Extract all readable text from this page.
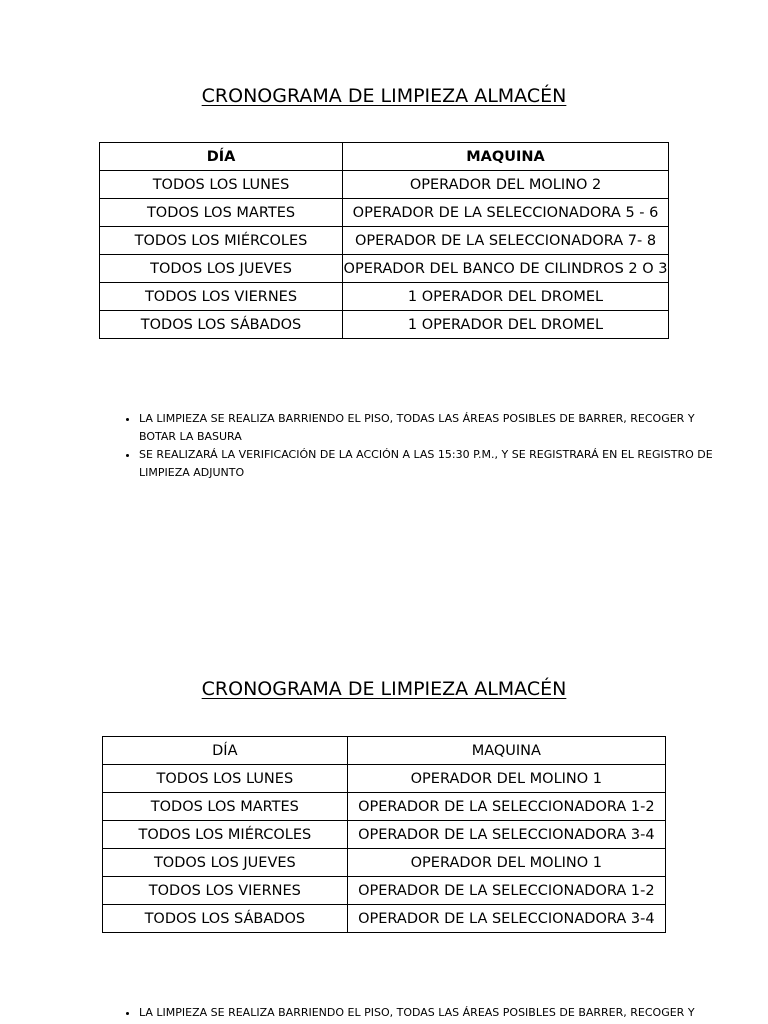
CRONOGRAMA DE LIMPIEZA ALMACÉN
DÍA	MAQUINA
TODOS LOS LUNES	OPERADOR DEL MOLINO 2
TODOS LOS MARTES	OPERADOR DE LA SELECCIONADORA 5 - 6
TODOS LOS MIÉRCOLES	OPERADOR DE LA SELECCIONADORA 7- 8
TODOS LOS JUEVES	OPERADOR DEL BANCO DE CILINDROS 2 O 3
TODOS LOS VIERNES	1 OPERADOR DEL DROMEL
TODOS LOS SÁBADOS	1 OPERADOR DEL DROMEL
• LA LIMPIEZA SE REALIZA BARRIENDO EL PISO, TODAS LAS ÁREAS POSIBLES DE BARRER, RECOGER Y BOTAR LA BASURA
• SE REALIZARÁ LA VERIFICACIÓN DE LA ACCIÓN A LAS 15:30 P.M., Y SE REGISTRARÁ EN EL REGISTRO DE LIMPIEZA ADJUNTO
CRONOGRAMA DE LIMPIEZA ALMACÉN
DÍA	MAQUINA
TODOS LOS LUNES	OPERADOR DEL MOLINO 1
TODOS LOS MARTES	OPERADOR DE LA SELECCIONADORA 1-2
TODOS LOS MIÉRCOLES	OPERADOR DE LA SELECCIONADORA 3-4
TODOS LOS JUEVES	OPERADOR DEL MOLINO 1
TODOS LOS VIERNES	OPERADOR DE LA SELECCIONADORA 1-2
TODOS LOS SÁBADOS	OPERADOR DE LA SELECCIONADORA 3-4
• LA LIMPIEZA SE REALIZA BARRIENDO EL PISO, TODAS LAS ÁREAS POSIBLES DE BARRER, RECOGER Y
